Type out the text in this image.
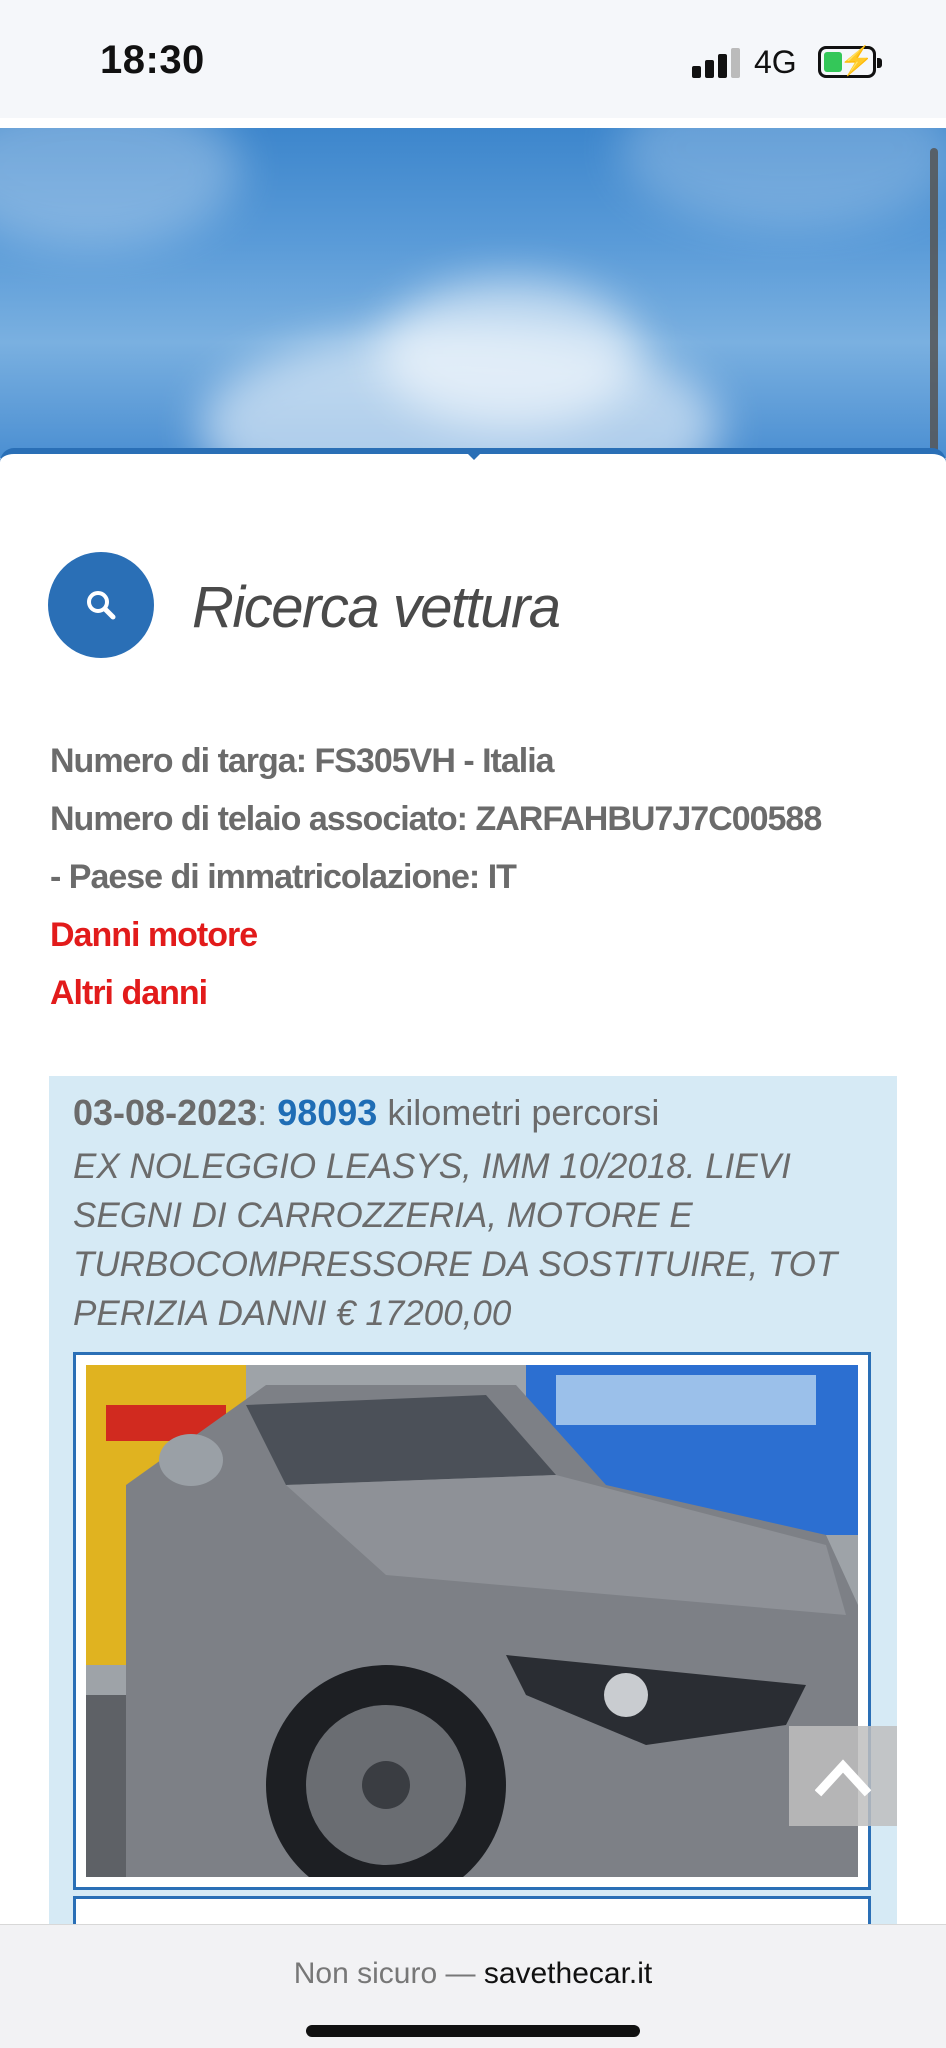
18:30	4G ⚡
Ricerca vettura
Numero di targa: FS305VH - Italia
Numero di telaio associato: ZARFAHBU7J7C00588
- Paese di immatricolazione: IT
Danni motore
Altri danni
03-08-2023: 98093 kilometri percorsi
EX NOLEGGIO LEASYS, IMM 10/2018. LIEVI SEGNI DI CARROZZERIA, MOTORE E TURBOCOMPRESSORE DA SOSTITUIRE, TOT PERIZIA DANNI € 17200,00
Non sicuro — savethecar.it
